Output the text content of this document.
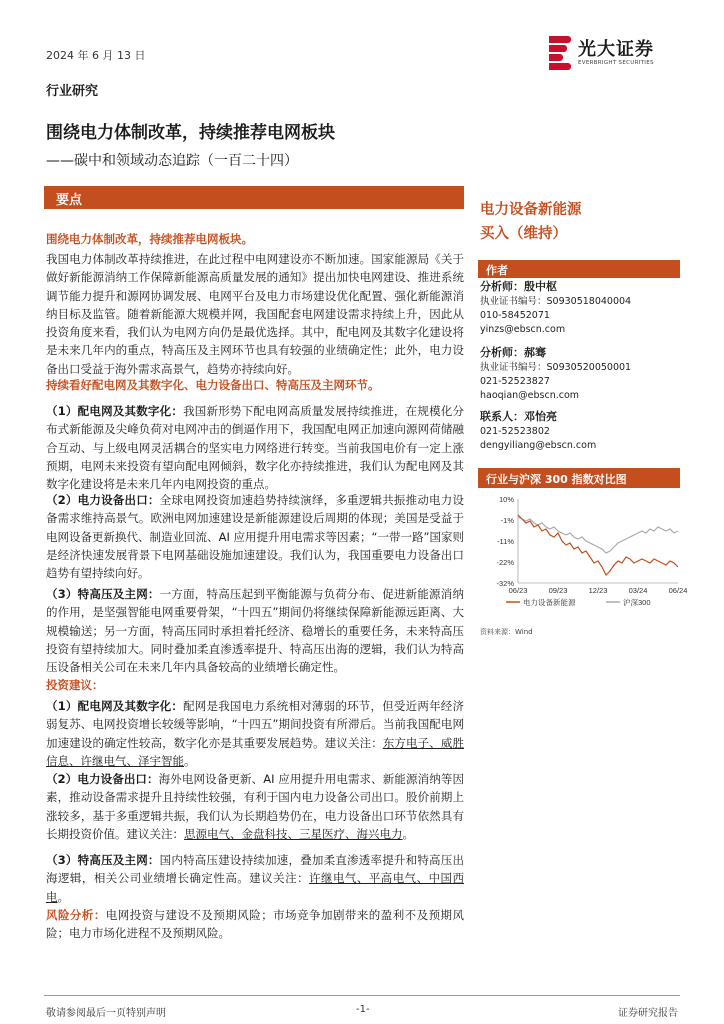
2024 年 6 月 13 日	光大证券
EVERBRIGHT SECURITIES
行业研究
围绕电力体制改革，持续推荐电网板块
——碳中和领域动态追踪（一百二十四）
要点
围绕电力体制改革，持续推荐电网板块。
我国电力体制改革持续推进，在此过程中电网建设亦不断加速。国家能源局《关于做好新能源消纳工作保障新能源高质量发展的通知》提出加快电网建设、推进系统调节能力提升和源网协调发展、电网平台及电力市场建设优化配置、强化新能源消纳目标及监管。随着新能源大规模并网，我国配套电网建设需求持续上升，因此从投资角度来看，我们认为电网方向仍是最优选择。其中，配电网及其数字化建设将是未来几年内的重点，特高压及主网环节也具有较强的业绩确定性；此外，电力设备出口受益于海外需求高景气，趋势亦持续向好。
持续看好配电网及其数字化、电力设备出口、特高压及主网环节。
（1）配电网及其数字化：我国新形势下配电网高质量发展持续推进，在规模化分布式新能源及尖峰负荷对电网冲击的倒逼作用下，我国配电网正加速向源网荷储融合互动、与上级电网灵活耦合的坚实电力网络进行转变。当前我国电价有一定上涨预期，电网未来投资有望向配电网倾斜，数字化亦持续推进，我们认为配电网及其数字化建设将是未来几年内电网投资的重点。
（2）电力设备出口：全球电网投资加速趋势持续演绎，多重逻辑共振推动电力设备需求维持高景气。欧洲电网加速建设是新能源建设后周期的体现；美国是受益于电网设备更新换代、制造业回流、AI 应用提升用电需求等因素；“一带一路”国家则是经济快速发展背景下电网基础设施加速建设。我们认为，我国重要电力设备出口趋势有望持续向好。
（3）特高压及主网：一方面，特高压起到平衡能源与负荷分布、促进新能源消纳的作用，是坚强智能电网重要骨架，“十四五”期间仍将继续保障新能源远距离、大规模输送；另一方面，特高压同时承担着托经济、稳增长的重要任务，未来特高压投资有望持续加大。同时叠加柔直渗透率提升、特高压出海的逻辑，我们认为特高压设备相关公司在未来几年内具备较高的业绩增长确定性。
投资建议：
（1）配电网及其数字化：配网是我国电力系统相对薄弱的环节，但受近两年经济弱复苏、电网投资增长较缓等影响，“十四五”期间投资有所滞后。当前我国配电网加速建设的确定性较高，数字化亦是其重要发展趋势。建议关注：东方电子、威胜信息、许继电气、泽宇智能。
（2）电力设备出口：海外电网设备更新、AI 应用提升用电需求、新能源消纳等因素，推动设备需求提升且持续性较强，有利于国内电力设备公司出口。股价前期上涨较多，基于多重逻辑共振，我们认为长期趋势仍在，电力设备出口环节依然具有长期投资价值。建议关注：思源电气、金盘科技、三星医疗、海兴电力。
（3）特高压及主网：国内特高压建设持续加速，叠加柔直渗透率提升和特高压出海逻辑，相关公司业绩增长确定性高。建议关注：许继电气、平高电气、中国西电。
风险分析：电网投资与建设不及预期风险；市场竞争加剧带来的盈利不及预期风险；电力市场化进程不及预期风险。
电力设备新能源
买入（维持）
作者
分析师：殷中枢
执业证书编号：S0930518040004
010-58452071
yinzs@ebscn.com
分析师：郝骞
执业证书编号：S0930520050001
021-52523827
haoqian@ebscn.com
联系人：邓怡亮
021-52523802
dengyiliang@ebscn.com
行业与沪深 300 指数对比图
10%
-1%
-11%
-22%
-32%
06/23	09/23	12/23	03/24	06/24
电力设备新能源	沪深300
资料来源：Wind
敬请参阅最后一页特别声明	-1-	证券研究报告
